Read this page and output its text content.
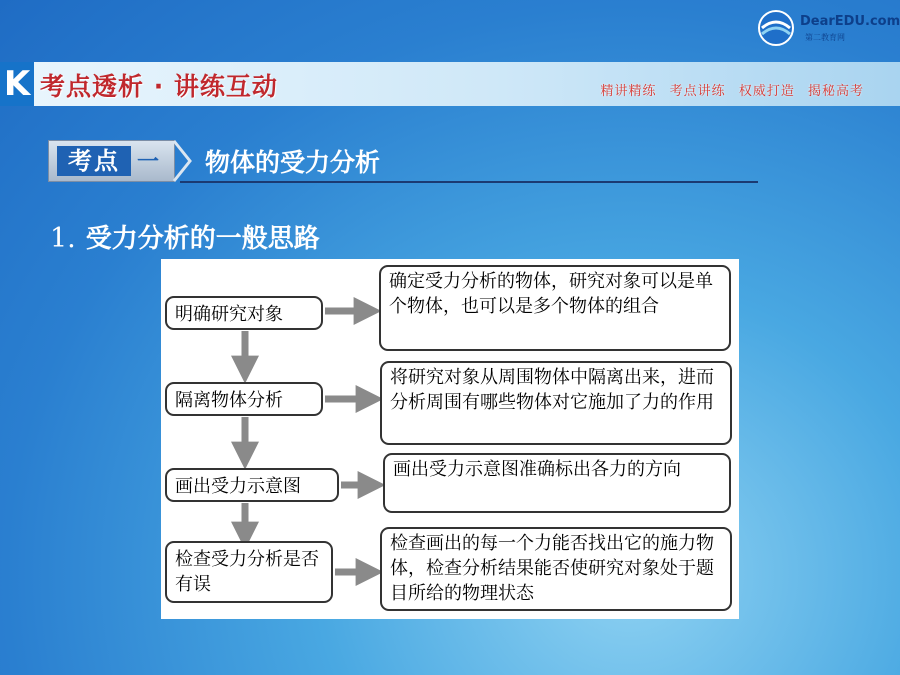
K 考点透析 · 讲练互动	精讲精练 考点讲练 权威打造 揭秘高考
DearEDU.com
第二教育网
考点 一 物体的受力分析
1. 受力分析的一般思路
明确研究对象
确定受力分析的物体，研究对象可以是单个物体，也可以是多个物体的组合
隔离物体分析
将研究对象从周围物体中隔离出来，进而分析周围有哪些物体对它施加了力的作用
画出受力示意图
画出受力示意图准确标出各力的方向
检查受力分析是否有误
检查画出的每一个力能否找出它的施力物体，检查分析结果能否使研究对象处于题目所给的物理状态
